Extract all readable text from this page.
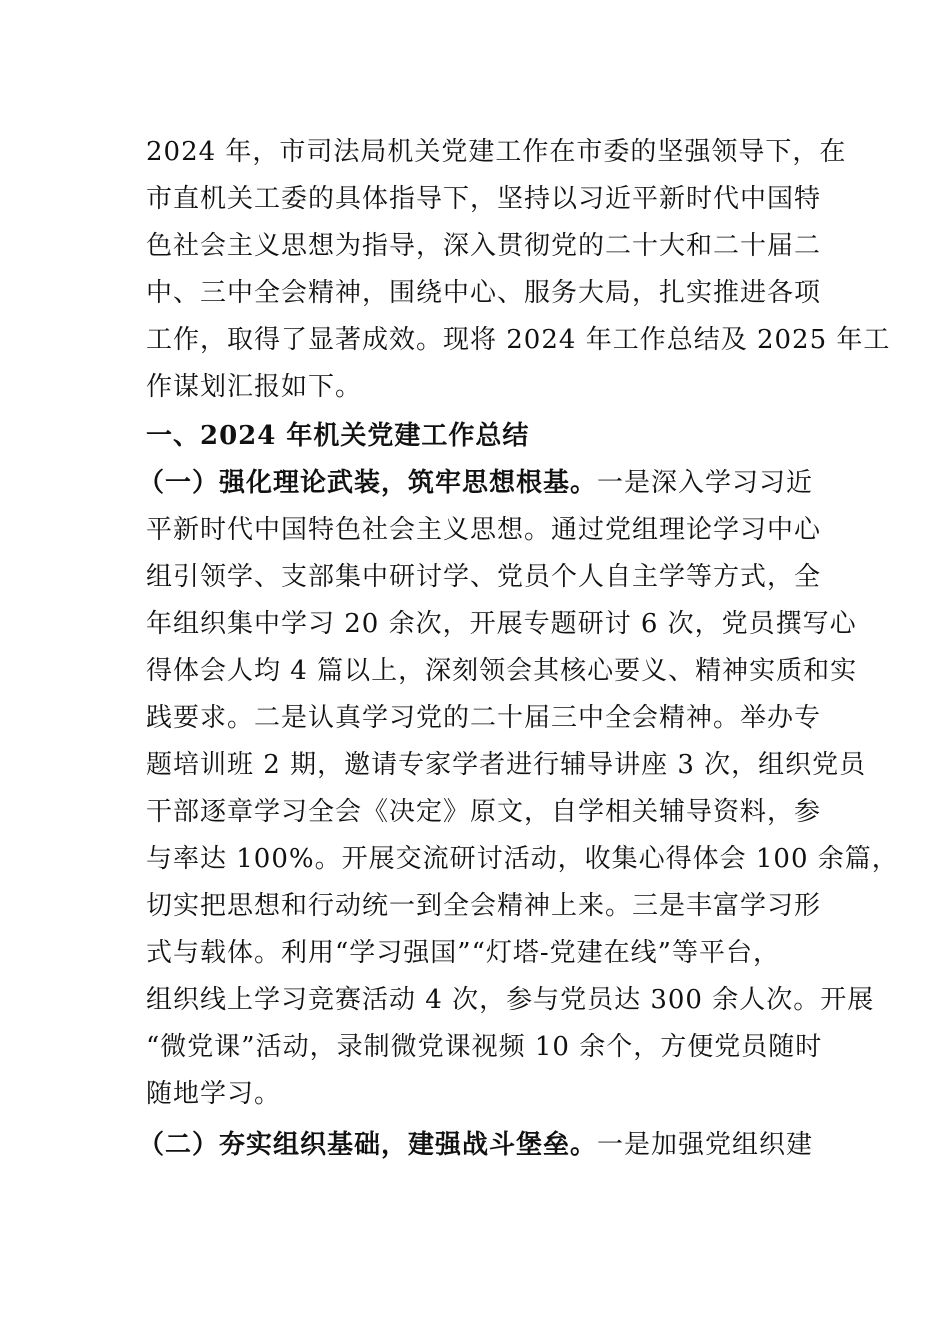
2024 年，市司法局机关党建工作在市委的坚强领导下，在
市直机关工委的具体指导下，坚持以习近平新时代中国特
色社会主义思想为指导，深入贯彻党的二十大和二十届二
中、三中全会精神，围绕中心、服务大局，扎实推进各项
工作，取得了显著成效。现将 2024 年工作总结及 2025 年工
作谋划汇报如下。
一、2024 年机关党建工作总结
（一）强化理论武装，筑牢思想根基。一是深入学习习近
平新时代中国特色社会主义思想。通过党组理论学习中心
组引领学、支部集中研讨学、党员个人自主学等方式，全
年组织集中学习 20 余次，开展专题研讨 6 次，党员撰写心
得体会人均 4 篇以上，深刻领会其核心要义、精神实质和实
践要求。二是认真学习党的二十届三中全会精神。举办专
题培训班 2 期，邀请专家学者进行辅导讲座 3 次，组织党员
干部逐章学习全会《决定》原文，自学相关辅导资料，参
与率达 100%。开展交流研讨活动，收集心得体会 100 余篇，
切实把思想和行动统一到全会精神上来。三是丰富学习形
式与载体。利用“学习强国”“灯塔-党建在线”等平台，
组织线上学习竞赛活动 4 次，参与党员达 300 余人次。开展
“微党课”活动，录制微党课视频 10 余个，方便党员随时
随地学习。
（二）夯实组织基础，建强战斗堡垒。一是加强党组织建
